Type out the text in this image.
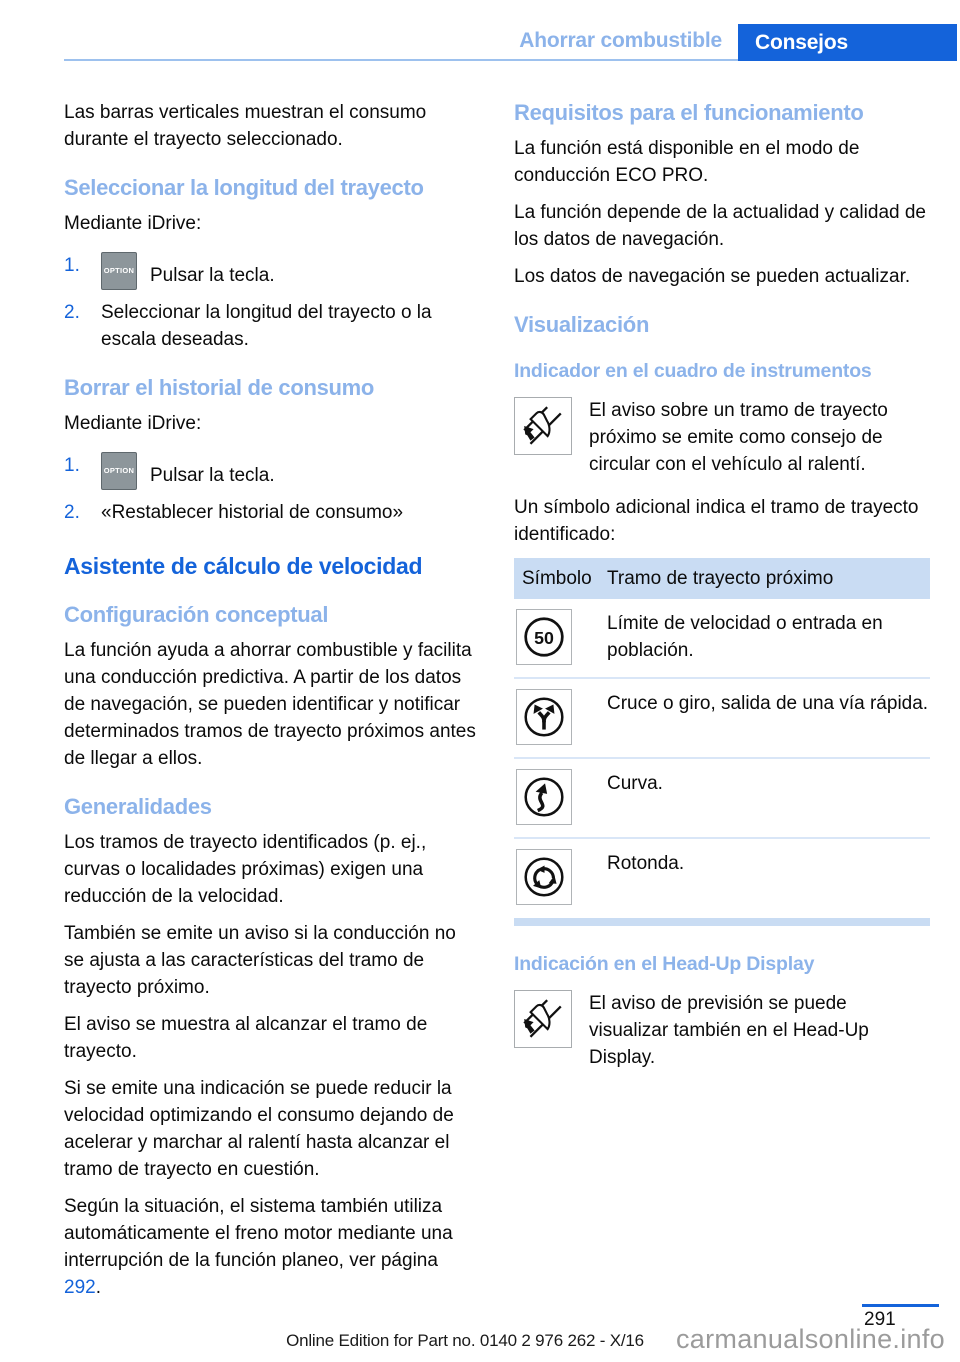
Ahorrar combustible	Consejos

Las barras verticales muestran el consumo durante el trayecto seleccionado.

Seleccionar la longitud del trayecto

Mediante iDrive:

1.	OPTION Pulsar la tecla.
2.	Seleccionar la longitud del trayecto o la escala deseadas.
Borrar el historial de consumo

Mediante iDrive:

1.	OPTION Pulsar la tecla.
2.	«Restablecer historial de consumo»
Asistente de cálculo de velocidad
Configuración conceptual

La función ayuda a ahorrar combustible y facilita una conducción predictiva. A partir de los datos de navegación, se pueden identificar y notificar determinados tramos de trayecto próximos antes de llegar a ellos.

Generalidades

Los tramos de trayecto identificados (p. ej., curvas o localidades próximas) exigen una reducción de la velocidad.

También se emite un aviso si la conducción no se ajusta a las características del tramo de trayecto próximo.

El aviso se muestra al alcanzar el tramo de trayecto.

Si se emite una indicación se puede reducir la velocidad optimizando el consumo dejando de acelerar y marchar al ralentí hasta alcanzar el tramo de trayecto en cuestión.

Según la situación, el sistema también utiliza automáticamente el freno motor mediante una interrupción de la función planeo, ver página 292.

Requisitos para el funcionamiento

La función está disponible en el modo de conducción ECO PRO.

La función depende de la actualidad y calidad de los datos de navegación.

Los datos de navegación se pueden actualizar.

Visualización
Indicador en el cuadro de instrumentos
El aviso sobre un tramo de trayecto próximo se emite como consejo de circular con el vehículo al ralentí.

Un símbolo adicional indica el tramo de trayecto identificado:

Símbolo Tramo de trayecto próximo
50
Límite de velocidad o entrada en población.
Cruce o giro, salida de una vía rápida.
Curva.
Rotonda.
Indicación en el Head-Up Display
El aviso de previsión se puede visualizar también en el Head-Up Display.
291
Online Edition for Part no. 0140 2 976 262 - X/16	carmanualsonline.info
